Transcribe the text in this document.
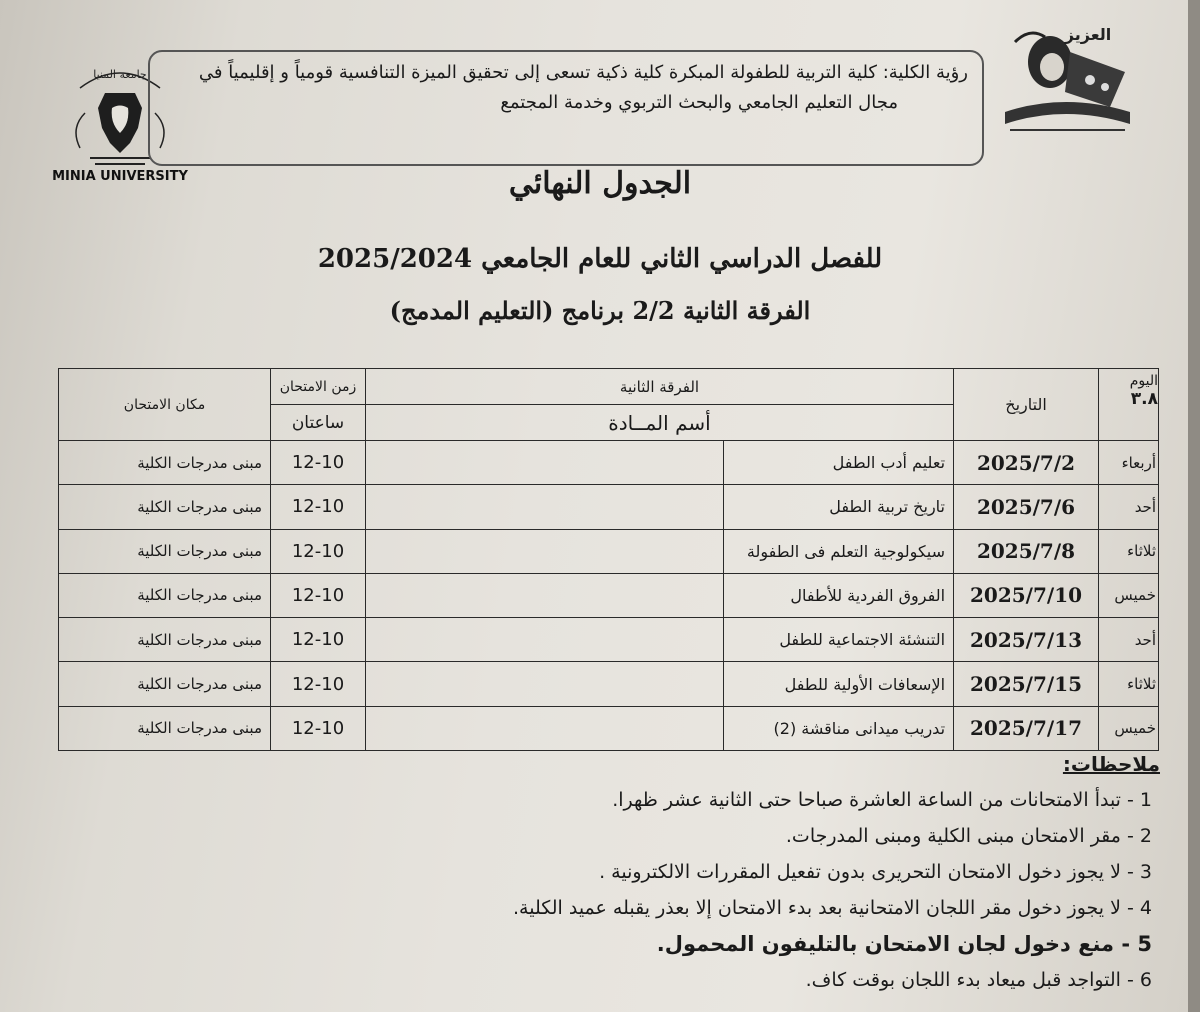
جامعة المنيا
MINIA UNIVERSITY
العزيز
رؤية الكلية: كلية التربية للطفولة المبكرة كلية ذكية تسعى إلى تحقيق الميزة التنافسية قومياً و إقليمياً في
مجال التعليم الجامعي والبحث التربوي وخدمة المجتمع
الجدول النهائي
للفصل الدراسي الثاني للعام الجامعي 2025/2024
الفرقة الثانية 2/2 برنامج (التعليم المدمج)
اليوم
٣.٨	التاريخ	الفرقة الثانية		زمن الامتحان	مكان الامتحان
		أسم المــادة		ساعتان	
أربعاء	2025/7/2	تعليم أدب الطفل		12-10	مبنى مدرجات الكلية
أحد	2025/7/6	تاريخ تربية الطفل		12-10	مبنى مدرجات الكلية
ثلاثاء	2025/7/8	سيكولوجية التعلم فى الطفولة		12-10	مبنى مدرجات الكلية
خميس	2025/7/10	الفروق الفردية للأطفال		12-10	مبنى مدرجات الكلية
أحد	2025/7/13	التنشئة الاجتماعية للطفل		12-10	مبنى مدرجات الكلية
ثلاثاء	2025/7/15	الإسعافات الأولية للطفل		12-10	مبنى مدرجات الكلية
خميس	2025/7/17	تدريب ميدانى مناقشة (2)		12-10	مبنى مدرجات الكلية
ملاحظات:
1 - تبدأ الامتحانات من الساعة العاشرة صباحا حتى الثانية عشر ظهرا.
2 - مقر الامتحان مبنى الكلية ومبنى المدرجات.
3 - لا يجوز دخول الامتحان التحريرى بدون تفعيل المقررات الالكترونية .
4 - لا يجوز دخول مقر اللجان الامتحانية بعد بدء الامتحان إلا بعذر يقبله عميد الكلية.
5 - منع دخول لجان الامتحان بالتليفون المحمول.
6 - التواجد قبل ميعاد بدء اللجان بوقت كاف.
